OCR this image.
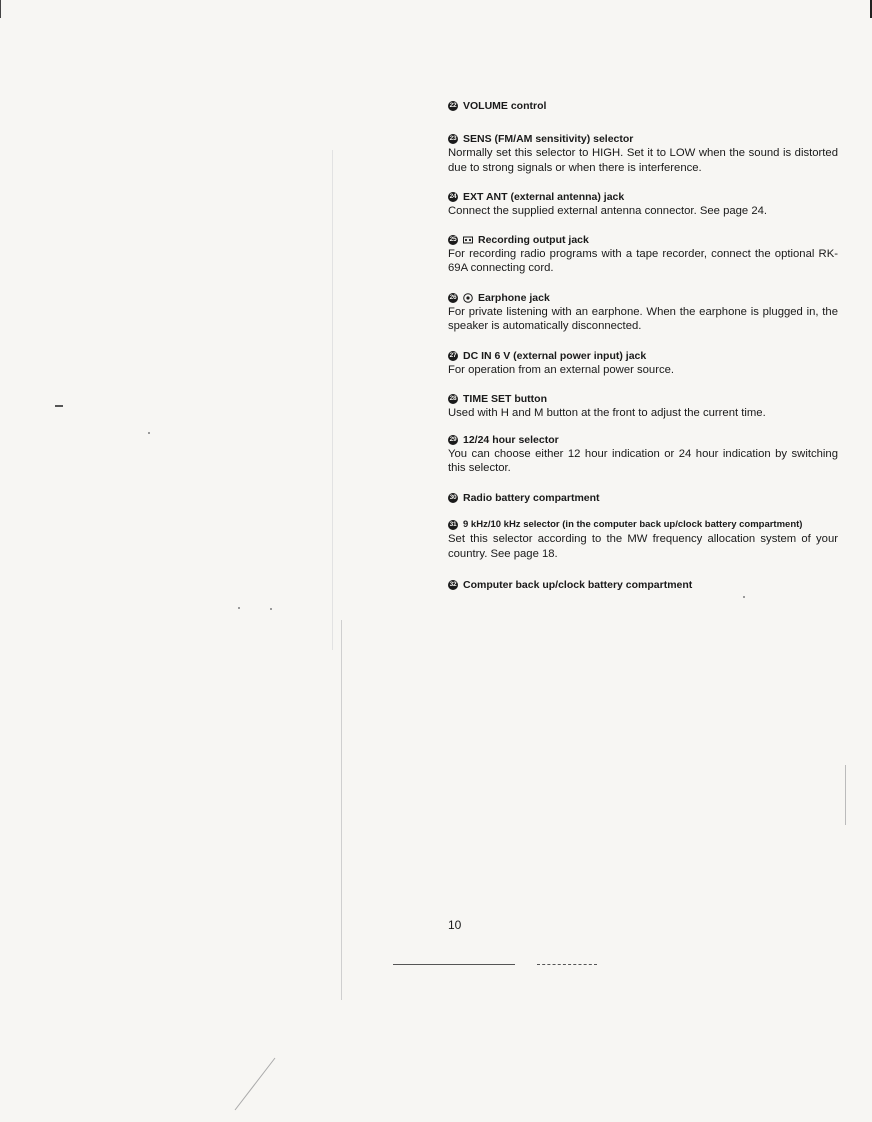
22 VOLUME control
23 SENS (FM/AM sensitivity) selector
Normally set this selector to HIGH. Set it to LOW when the sound is distorted due to strong signals or when there is interference.
24 EXT ANT (external antenna) jack
Connect the supplied external antenna connector. See page 24.
25 Recording output jack
For recording radio programs with a tape recorder, connect the optional RK-69A connecting cord.
26 Earphone jack
For private listening with an earphone. When the earphone is plugged in, the speaker is automatically disconnected.
27 DC IN 6 V (external power input) jack
For operation from an external power source.
28 TIME SET button
Used with H and M button at the front to adjust the current time.
29 12/24 hour selector
You can choose either 12 hour indication or 24 hour indication by switching this selector.
30 Radio battery compartment
31 9 kHz/10 kHz selector (in the computer back up/clock battery compartment)
Set this selector according to the MW frequency allocation system of your country. See page 18.
32 Computer back up/clock battery compartment
10
